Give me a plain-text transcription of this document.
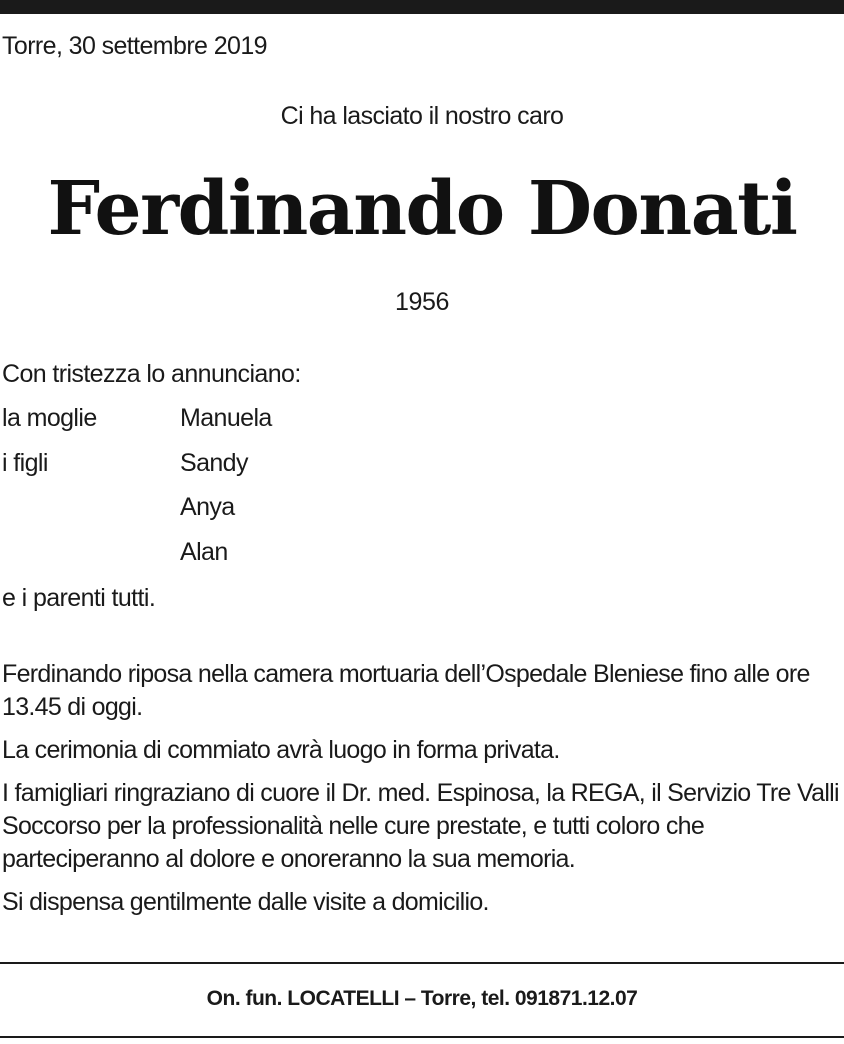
Torre, 30 settembre 2019
Ci ha lasciato il nostro caro
Ferdinando Donati
1956
Con tristezza lo annunciano:
la moglie	Manuela
i figli	Sandy
Anya
Alan
e i parenti tutti.

Ferdinando riposa nella camera mortuaria dell’Ospedale Bleniese fino alle ore 13.45 di oggi.

La cerimonia di commiato avrà luogo in forma privata.

I famigliari ringraziano di cuore il Dr. med. Espinosa, la REGA, il Servizio Tre Valli Soccorso per la professionalità nelle cure prestate, e tutti coloro che parteciperanno al dolore e onoreranno la sua memoria.

Si dispensa gentilmente dalle visite a domicilio.

On. fun. LOCATELLI – Torre, tel. 091871.12.07
